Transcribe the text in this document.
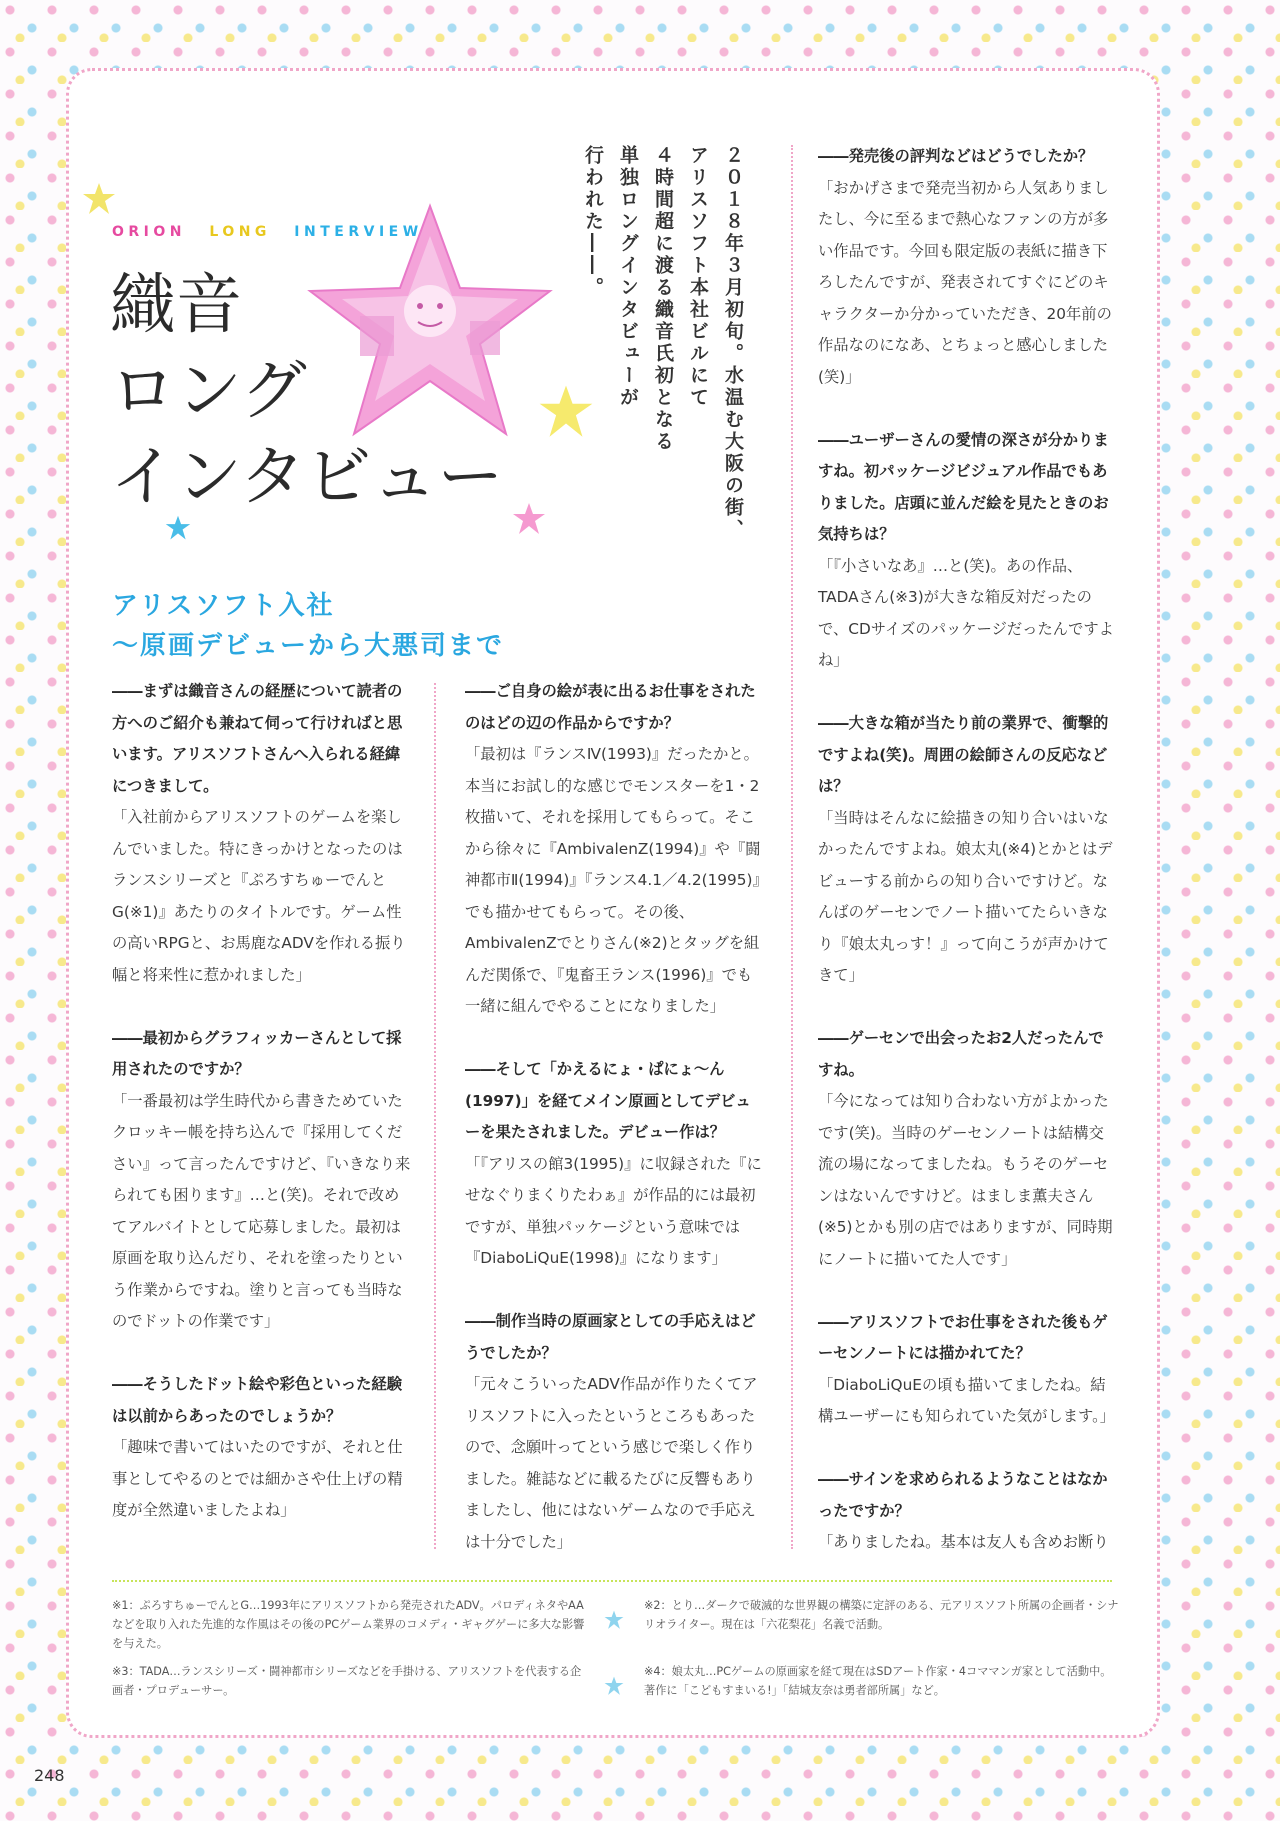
ORION LONG INTERVIEW
織音
ロング
インタビュー	２０１８年３月初旬。水温む大阪の街、
アリスソフト本社ビルにて
４時間超に渡る織音氏初となる
単独ロングインタビューが
行われた――。
アリスソフト入社
〜原画デビューから大悪司まで

――まずは織音さんの経歴について読者の方へのご紹介も兼ねて伺って行ければと思います。アリスソフトさんへ入られる経緯につきまして。

「入社前からアリスソフトのゲームを楽しんでいました。特にきっかけとなったのはランスシリーズと『ぷろすちゅーでんとG(※1)』あたりのタイトルです。ゲーム性の高いRPGと、お馬鹿なADVを作れる振り幅と将来性に惹かれました」

――最初からグラフィッカーさんとして採用されたのですか？

「一番最初は学生時代から書きためていたクロッキー帳を持ち込んで『採用してください』って言ったんですけど、『いきなり来られても困ります』…と(笑)。それで改めてアルバイトとして応募しました。最初は原画を取り込んだり、それを塗ったりという作業からですね。塗りと言っても当時なのでドットの作業です」

――そうしたドット絵や彩色といった経験は以前からあったのでしょうか？

「趣味で書いてはいたのですが、それと仕事としてやるのとでは細かさや仕上げの精度が全然違いましたよね」

――ご自身の絵が表に出るお仕事をされたのはどの辺の作品からですか？

「最初は『ランスⅣ(1993)』だったかと。本当にお試し的な感じでモンスターを1・2枚描いて、それを採用してもらって。そこから徐々に『AmbivalenZ(1994)』や『闘神都市Ⅱ(1994)』『ランス4.1／4.2(1995)』でも描かせてもらって。その後、AmbivalenZでとりさん(※2)とタッグを組んだ関係で、『鬼畜王ランス(1996)』でも一緒に組んでやることになりました」

――そして「かえるにょ・ぱにょ〜ん(1997)」を経てメイン原画としてデビューを果たされました。デビュー作は？

「『アリスの館3(1995)』に収録された『にせなぐりまくりたわぁ』が作品的には最初ですが、単独パッケージという意味では『DiaboLiQuE(1998)』になります」

――制作当時の原画家としての手応えはどうでしたか？

「元々こういったADV作品が作りたくてアリスソフトに入ったというところもあったので、念願叶ってという感じで楽しく作りました。雑誌などに載るたびに反響もありましたし、他にはないゲームなので手応えは十分でした」

――発売後の評判などはどうでしたか？

「おかげさまで発売当初から人気ありましたし、今に至るまで熱心なファンの方が多い作品です。今回も限定版の表紙に描き下ろしたんですが、発表されてすぐにどのキャラクターか分かっていただき、20年前の作品なのになあ、とちょっと感心しました(笑)」

――ユーザーさんの愛情の深さが分かりますね。初パッケージビジュアル作品でもありました。店頭に並んだ絵を見たときのお気持ちは？

「『小さいなあ』…と(笑)。あの作品、TADAさん(※3)が大きな箱反対だったので、CDサイズのパッケージだったんですよね」

――大きな箱が当たり前の業界で、衝撃的ですよね(笑)。周囲の絵師さんの反応などは？

「当時はそんなに絵描きの知り合いはいなかったんですよね。娘太丸(※4)とかとはデビューする前からの知り合いですけど。なんばのゲーセンでノート描いてたらいきなり『娘太丸っす！』って向こうが声かけてきて」

――ゲーセンで出会ったお2人だったんですね。

「今になっては知り合わない方がよかったです(笑)。当時のゲーセンノートは結構交流の場になってましたね。もうそのゲーセンはないんですけど。はましま薫夫さん(※5)とかも別の店ではありますが、同時期にノートに描いてた人です」

――アリスソフトでお仕事をされた後もゲーセンノートには描かれてた？

「DiaboLiQuEの頃も描いてましたね。結構ユーザーにも知られていた気がします。」

――サインを求められるようなことはなかったですか？

「ありましたね。基本は友人も含めお断り

※1：ぷろすちゅーでんとG…1993年にアリスソフトから発売されたADV。パロディネタやAAなどを取り入れた先進的な作風はその後のPCゲーム業界のコメディ・ギャグゲーに多大な影響を与えた。
※2：とり…ダークで破滅的な世界観の構築に定評のある、元アリスソフト所属の企画者・シナリオライター。現在は「六花梨花」名義で活動。
※3：TADA…ランスシリーズ・闘神都市シリーズなどを手掛ける、アリスソフトを代表する企画者・プロデューサー。
※4：娘太丸…PCゲームの原画家を経て現在はSDアート作家・4コママンガ家として活動中。著作に「こどもすまいる!」「結城友奈は勇者部所属」など。
248
